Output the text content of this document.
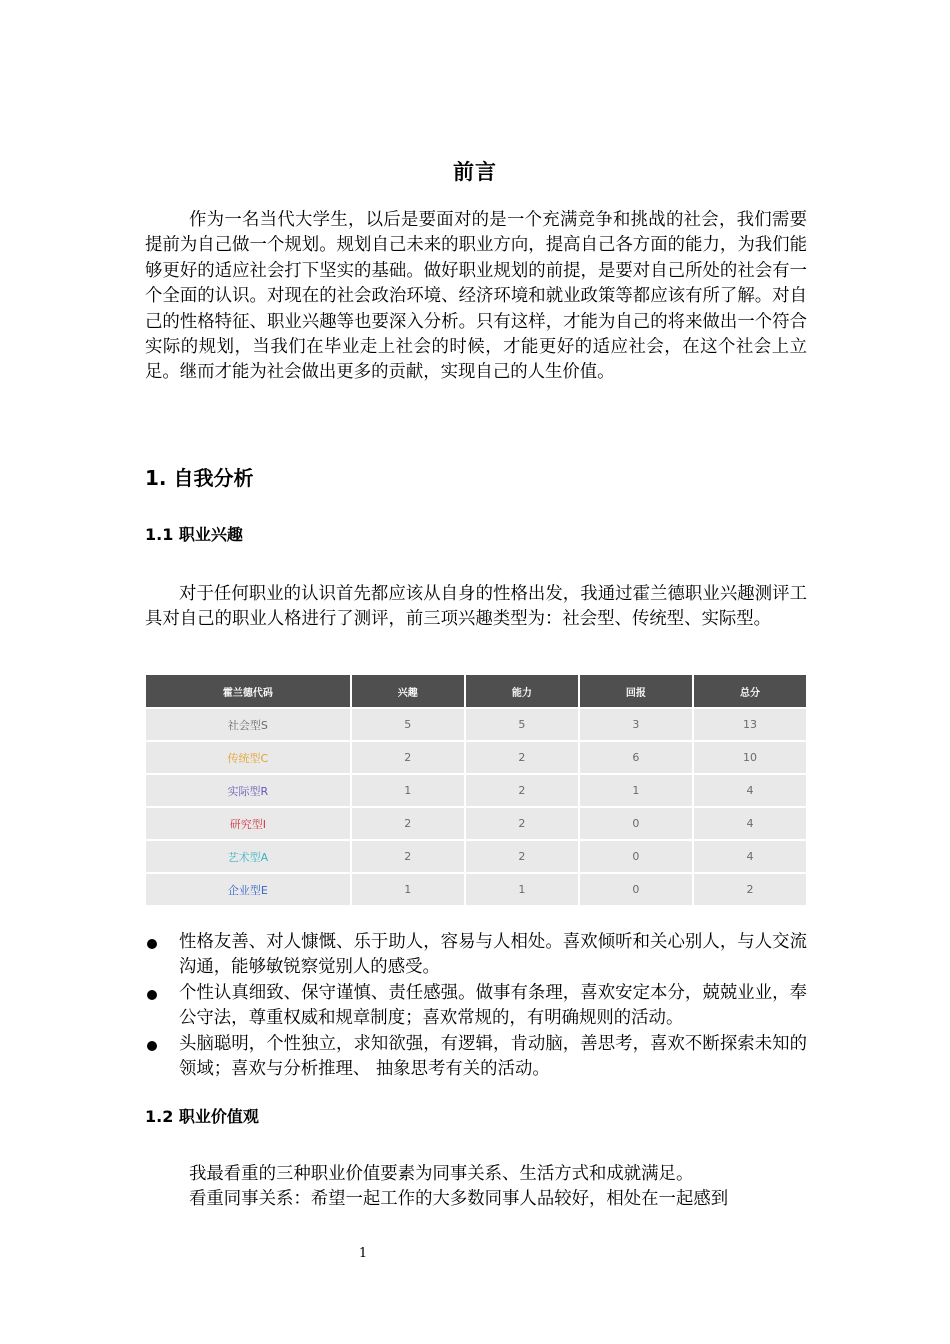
前言
作为一名当代大学生，以后是要面对的是一个充满竞争和挑战的社会，我们需要提前为自己做一个规划。规划自己未来的职业方向，提高自己各方面的能力，为我们能够更好的适应社会打下坚实的基础。做好职业规划的前提，是要对自己所处的社会有一个全面的认识。对现在的社会政治环境、经济环境和就业政策等都应该有所了解。对自己的性格特征、职业兴趣等也要深入分析。只有这样，才能为自己的将来做出一个符合实际的规划，当我们在毕业走上社会的时候，才能更好的适应社会，在这个社会上立足。继而才能为社会做出更多的贡献，实现自己的人生价值。
1. 自我分析
1.1 职业兴趣
对于任何职业的认识首先都应该从自身的性格出发，我通过霍兰德职业兴趣测评工具对自己的职业人格进行了测评，前三项兴趣类型为：社会型、传统型、实际型。
霍兰德代码	兴趣	能力	回报	总分
社会型S	5	5	3	13
传统型C	2	2	6	10
实际型R	1	2	1	4
研究型I	2	2	0	4
艺术型A	2	2	0	4
企业型E	1	1	0	2
性格友善、对人慷慨、乐于助人，容易与人相处。喜欢倾听和关心别人，与人交流沟通，能够敏锐察觉别人的感受。
个性认真细致、保守谨慎、责任感强。做事有条理，喜欢安定本分，兢兢业业，奉公守法，尊重权威和规章制度；喜欢常规的，有明确规则的活动。
头脑聪明，个性独立，求知欲强，有逻辑，肯动脑，善思考，喜欢不断探索未知的领域；喜欢与分析推理、 抽象思考有关的活动。
1.2 职业价值观
我最看重的三种职业价值要素为同事关系、生活方式和成就满足。
看重同事关系：希望一起工作的大多数同事人品较好，相处在一起感到
1
